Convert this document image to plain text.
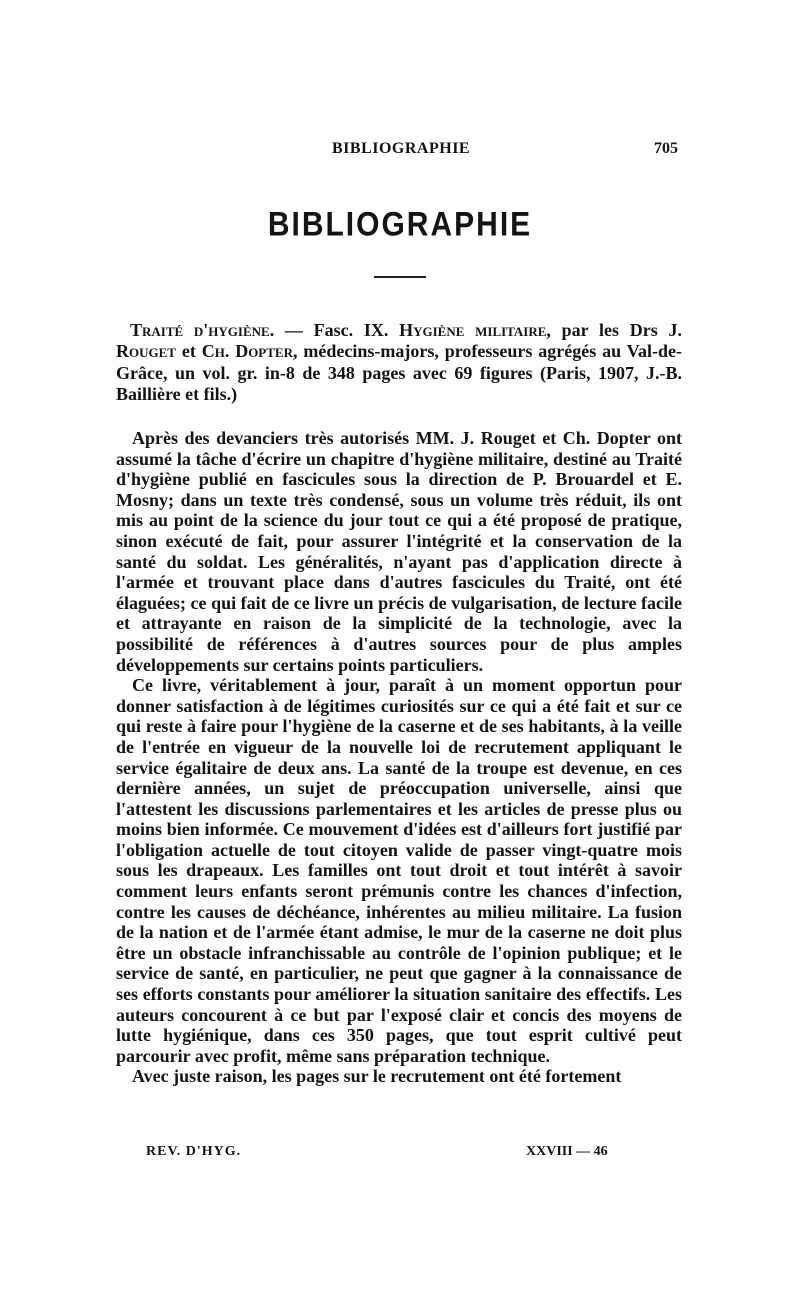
BIBLIOGRAPHIE	705
BIBLIOGRAPHIE
Traité d'hygiène. — Fasc. IX. Hygiène militaire, par les Drs J. Rouget et Ch. Dopter, médecins-majors, professeurs agrégés au Val-de-Grâce, un vol. gr. in-8 de 348 pages avec 69 figures (Paris, 1907, J.-B. Baillière et fils.)

Après des devanciers très autorisés MM. J. Rouget et Ch. Dopter ont assumé la tâche d'écrire un chapitre d'hygiène militaire, destiné au Traité d'hygiène publié en fascicules sous la direction de P. Brouardel et E. Mosny; dans un texte très condensé, sous un volume très réduit, ils ont mis au point de la science du jour tout ce qui a été proposé de pratique, sinon exécuté de fait, pour assurer l'intégrité et la conservation de la santé du soldat. Les généralités, n'ayant pas d'application directe à l'armée et trouvant place dans d'autres fascicules du Traité, ont été élaguées; ce qui fait de ce livre un précis de vulgarisation, de lecture facile et attrayante en raison de la simplicité de la technologie, avec la possibilité de références à d'autres sources pour de plus amples développements sur certains points particuliers.

Ce livre, véritablement à jour, paraît à un moment opportun pour donner satisfaction à de légitimes curiosités sur ce qui a été fait et sur ce qui reste à faire pour l'hygiène de la caserne et de ses habitants, à la veille de l'entrée en vigueur de la nouvelle loi de recrutement appliquant le service égalitaire de deux ans. La santé de la troupe est devenue, en ces dernière années, un sujet de préoccupation universelle, ainsi que l'attestent les discussions parlementaires et les articles de presse plus ou moins bien informée. Ce mouvement d'idées est d'ailleurs fort justifié par l'obligation actuelle de tout citoyen valide de passer vingt-quatre mois sous les drapeaux. Les familles ont tout droit et tout intérêt à savoir comment leurs enfants seront prémunis contre les chances d'infection, contre les causes de déchéance, inhérentes au milieu militaire. La fusion de la nation et de l'armée étant admise, le mur de la caserne ne doit plus être un obstacle infranchissable au contrôle de l'opinion publique; et le service de santé, en particulier, ne peut que gagner à la connaissance de ses efforts constants pour améliorer la situation sanitaire des effectifs. Les auteurs concourent à ce but par l'exposé clair et concis des moyens de lutte hygiénique, dans ces 350 pages, que tout esprit cultivé peut parcourir avec profit, même sans préparation technique.

Avec juste raison, les pages sur le recrutement ont été fortement

REV. D'HYG.	XXVIII — 46
